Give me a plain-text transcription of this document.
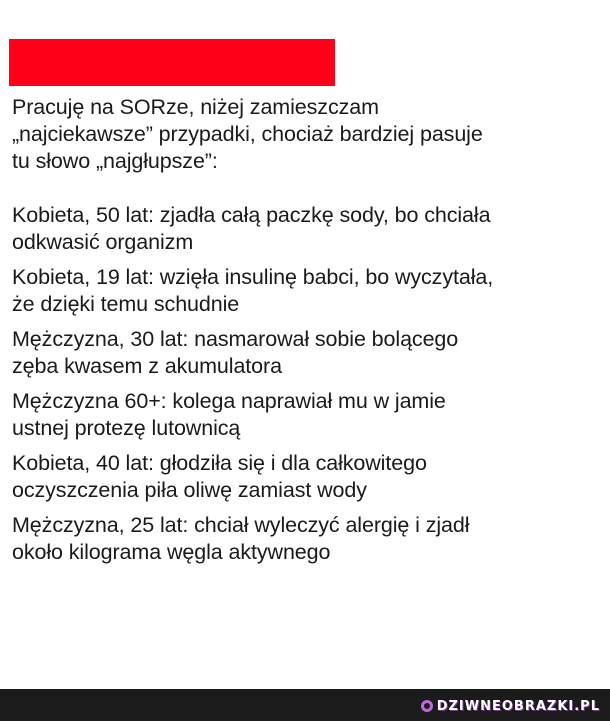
Pracuję na SORze, niżej zamieszczam
„najciekawsze” przypadki, chociaż bardziej pasuje
tu słowo „najgłupsze”:
Kobieta, 50 lat: zjadła całą paczkę sody, bo chciała
odkwasić organizm
Kobieta, 19 lat: wzięła insulinę babci, bo wyczytała,
że dzięki temu schudnie
Mężczyzna, 30 lat: nasmarował sobie bolącego
zęba kwasem z akumulatora
Mężczyzna 60+: kolega naprawiał mu w jamie
ustnej protezę lutownicą
Kobieta, 40 lat: głodziła się i dla całkowitego
oczyszczenia piła oliwę zamiast wody
Mężczyzna, 25 lat: chciał wyleczyć alergię i zjadł
około kilograma węgla aktywnego
DZIWNEOBRAZKI.PL
